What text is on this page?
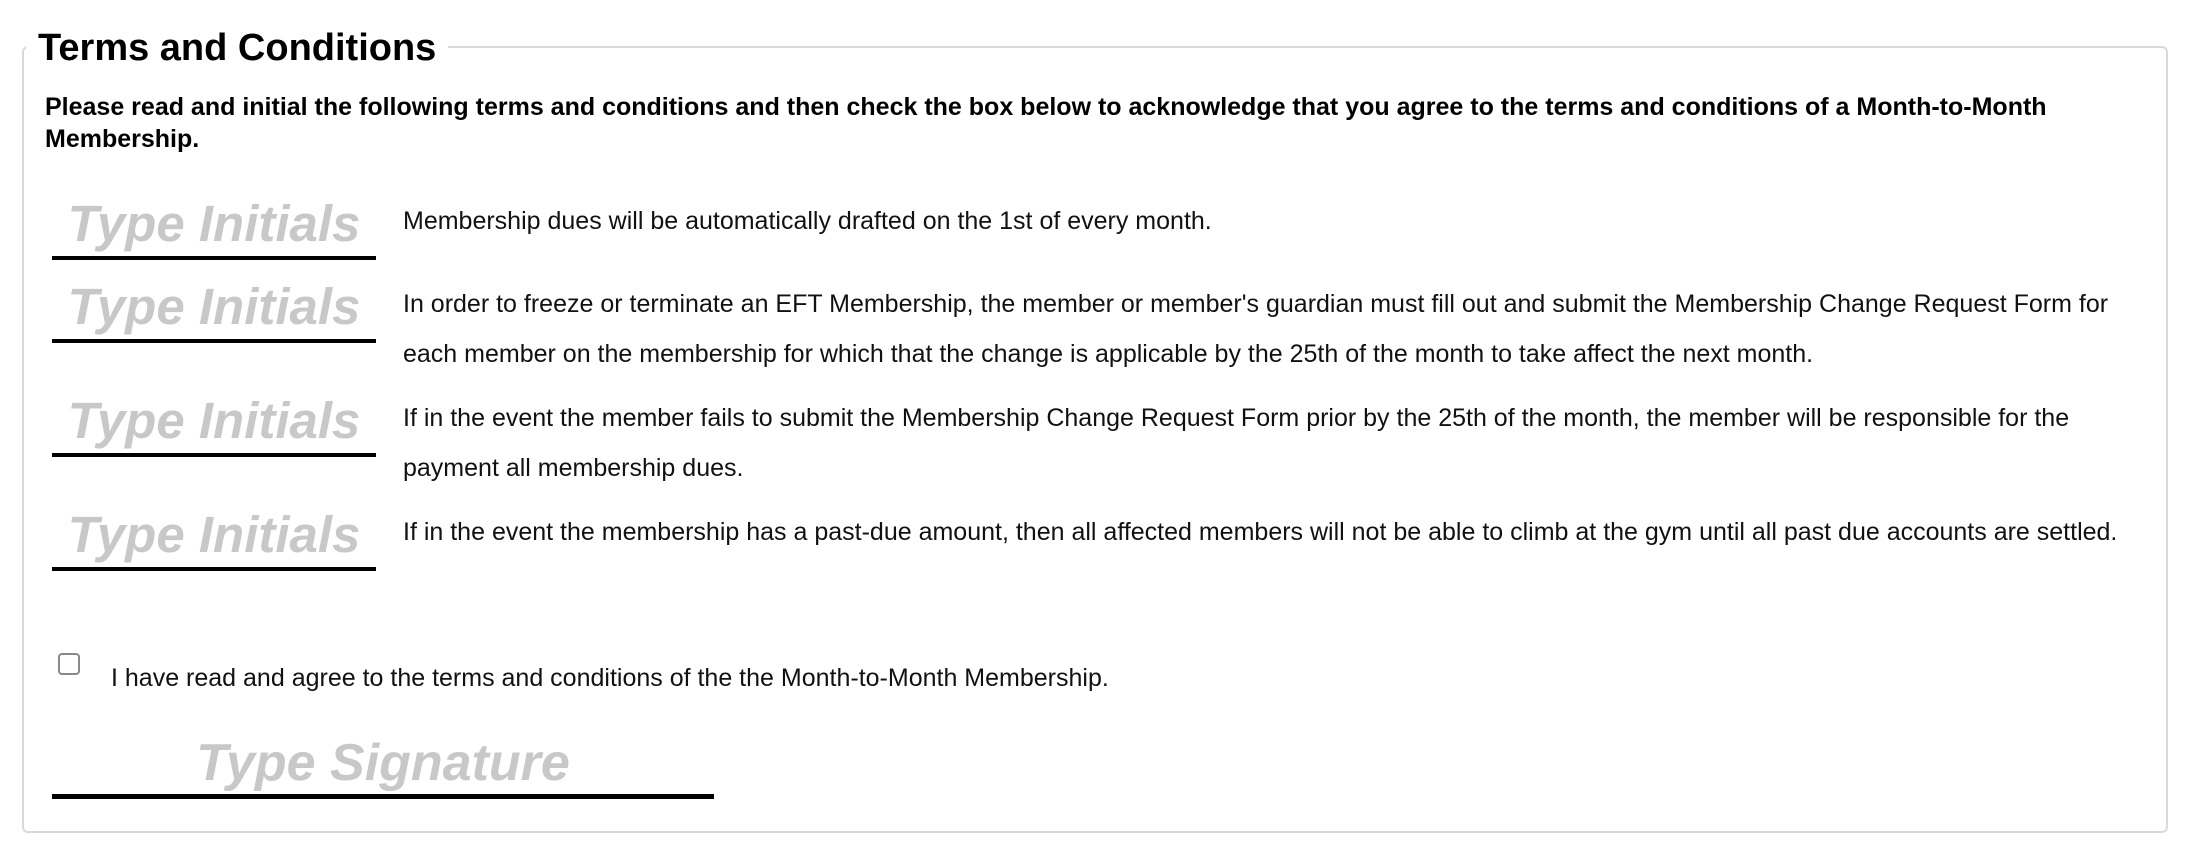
Terms and Conditions
Please read and initial the following terms and conditions and then check the box below to acknowledge that you agree to the terms and conditions of a Month-to-Month Membership.
Type Initials	Membership dues will be automatically drafted on the 1st of every month.
Type Initials	In order to freeze or terminate an EFT Membership, the member or member's guardian must fill out and submit the Membership Change Request Form for each member on the membership for which that the change is applicable by the 25th of the month to take affect the next month.
Type Initials	If in the event the member fails to submit the Membership Change Request Form prior by the 25th of the month, the member will be responsible for the payment all membership dues.
Type Initials	If in the event the membership has a past-due amount, then all affected members will not be able to climb at the gym until all past due accounts are settled.
I have read and agree to the terms and conditions of the the Month-to-Month Membership.
Type Signature
